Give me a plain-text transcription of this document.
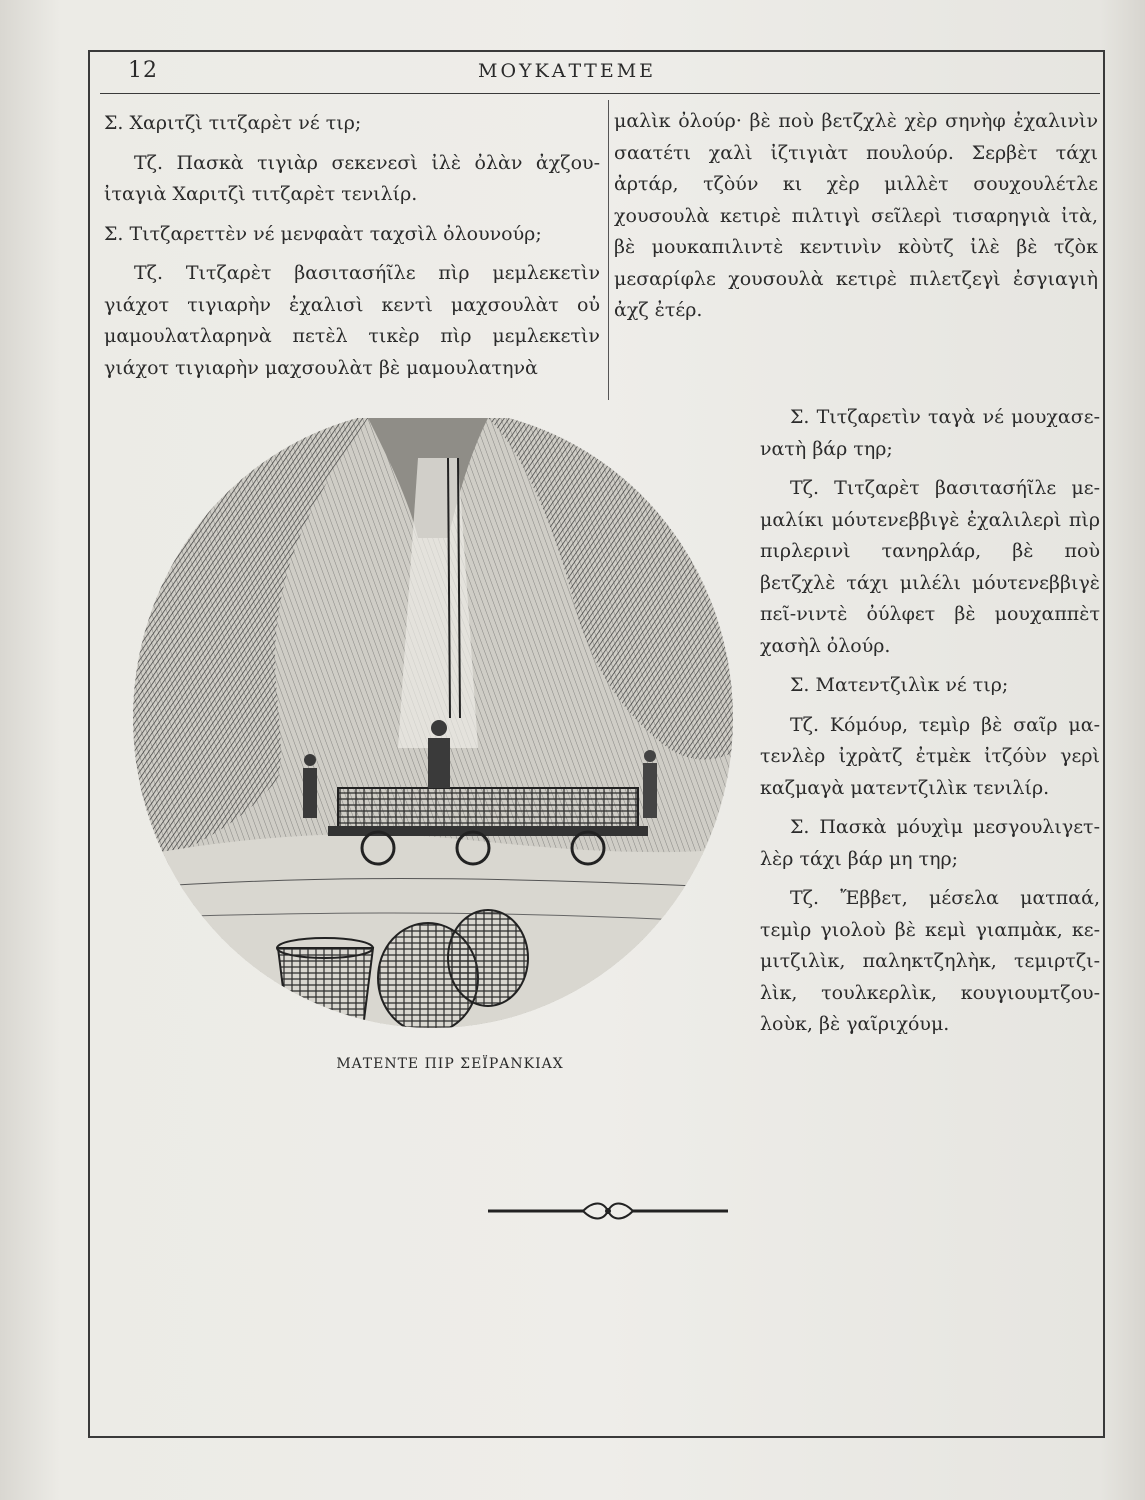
12	ΜΟΥΚΑΤΤΕΜΕ

Σ. Χαριτζὶ τιτζαρὲτ νέ τιρ;

Τζ. Πασκὰ τιγιὰρ σεκενεσὶ ἰλὲ ὀλὰν ἀχζου-ἰταγιὰ Χαριτζὶ τιτζαρὲτ τενιλίρ.

Σ. Τιτζαρεττὲν νέ μενφαὰτ ταχσὶλ ὀλουνούρ;

Τζ. Τιτζαρὲτ βασιτασήῖλε πὶρ μεμλεκετὶν γιάχοτ τιγιαρὴν ἐχαλισὶ κεντὶ μαχσουλὰτ οὐ μαμουλατλαρηνὰ πετὲλ τικὲρ πὶρ μεμλεκετὶν γιάχοτ τιγιαρὴν μαχσουλὰτ βὲ μαμουλατηνὰ

μαλὶκ ὀλούρ· βὲ ποὺ βετζχλὲ χὲρ σηνὴφ ἐχαλινὶν σαατέτι χαλὶ ἰζτιγιὰτ πουλούρ. Σερβὲτ τάχι ἀρτάρ, τζὸύν κι χὲρ μιλλὲτ σουχουλέτλε χουσουλὰ κετιρὲ πιλτιγὶ σεῖλερὶ τισαρηγιὰ ἰτὰ, βὲ μουκαπιλιντὲ κεντινὶν κὸὺτζ ἰλὲ βὲ τζὸκ μεσαρίφλε χουσουλὰ κετιρὲ πιλετζεγὶ ἐσγιαγιὴ ἀχζ ἐτέρ.

Σ. Τιτζαρετὶν ταγὰ νέ μουχασε-νατὴ βάρ τηρ;

Τζ. Τιτζαρὲτ βασιτασήῖλε με-μαλίκι μόυτενεββιγὲ ἐχαλιλερὶ πὶρ πιρλερινὶ τανηρλάρ, βὲ ποὺ βετζχλὲ τάχι μιλέλι μόυτενεββιγὲ πεῖ-νιντὲ ὀύλφετ βὲ μουχαππὲτ χασὴλ ὀλούρ.

Σ. Ματεντζιλὶκ νέ τιρ;

Τζ. Κόμόυρ, τεμὶρ βὲ σαῖρ μα-τενλὲρ ἰχρὰτζ ἐτμὲκ ἰτζόὺν γερὶ καζμαγὰ ματεντζιλὶκ τενιλίρ.

Σ. Πασκὰ μόυχὶμ μεσγουλιγετ-λὲρ τάχι βάρ μη τηρ;

Τζ. Ἔββετ, μέσελα ματπαά, τεμὶρ γιολοὺ βὲ κεμὶ γιαπμὰκ, κε-μιτζιλὶκ, παληκτζηλὴκ, τεμιρτζι-λὶκ, τουλκερλὶκ, κουγιουμτζου-λοὺκ, βὲ γαῖριχόυμ.

ΜΑΤΕΝΤΕ ΠΙΡ ΣΕΪΡΑΝΚΙΑΧ
